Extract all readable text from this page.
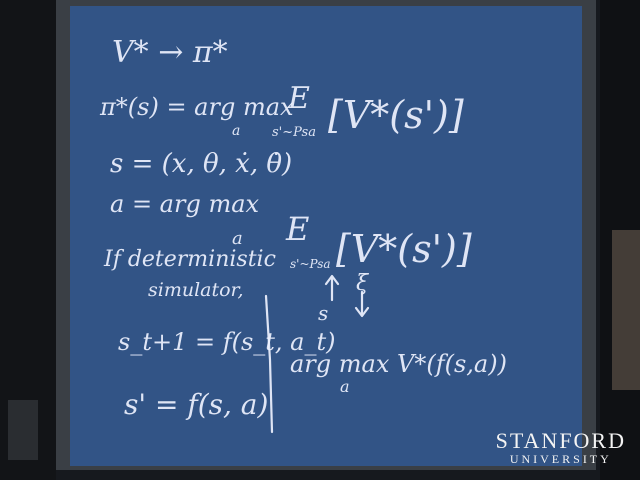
V* → π*
π*(s) = arg max
a
E
s'~Psa [V*(s')]
s = (x, θ, ẋ, θ̇)
a = arg max
a E
s'~Psa [V*(s')]
s
ξ
If deterministic
simulator,
s_t+1 = f(s_t, a_t)
s' = f(s, a)
arg max V*(f(s,a))
a
STANFORD
UNIVERSITY
